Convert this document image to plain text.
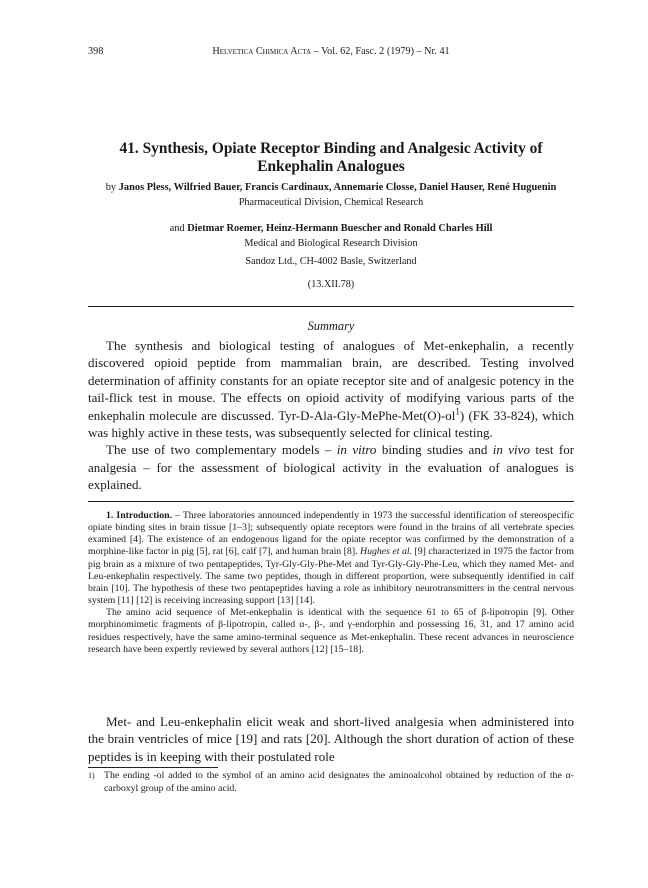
398	Helvetica Chimica Acta – Vol. 62, Fasc. 2 (1979) – Nr. 41
41. Synthesis, Opiate Receptor Binding and Analgesic Activity of
Enkephalin Analogues

by Janos Pless, Wilfried Bauer, Francis Cardinaux, Annemarie Closse, Daniel Hauser, René Huguenin

Pharmaceutical Division, Chemical Research

and Dietmar Roemer, Heinz-Hermann Buescher and Ronald Charles Hill

Medical and Biological Research Division

Sandoz Ltd., CH-4002 Basle, Switzerland

(13.XII.78)

Summary

The synthesis and biological testing of analogues of Met-enkephalin, a recently discovered opioid peptide from mammalian brain, are described. Testing involved determination of affinity constants for an opiate receptor site and of analgesic potency in the tail-flick test in mouse. The effects on opioid activity of modifying various parts of the enkephalin molecule are discussed. Tyr-$D-Ala-Gly-MePhe-Met(O)-ol^1$) (FK 33-824), which was highly active in these tests, was subsequently selected for clinical testing.

The use of two complementary models – in vitro binding studies and in vivo test for analgesia – for the assessment of biological activity in the evaluation of analogues is explained.

1. Introduction. – Three laboratories announced independently in 1973 the successful identification of stereospecific opiate binding sites in brain tissue [1–3]; subsequently opiate receptors were found in the brains of all vertebrate species examined [4]. The existence of an endogenous ligand for the opiate receptor was confirmed by the demonstration of a morphine-like factor in pig [5], rat [6], calf [7], and human brain [8]. Hughes et al. [9] characterized in 1975 the factor from pig brain as a mixture of two pentapeptides, Tyr-Gly-Gly-Phe-Met and Tyr-Gly-Gly-Phe-Leu, which they named Met- and Leu-enkephalin respectively. The same two peptides, though in different proportion, were subsequently identified in calf brain [10]. The hypothesis of these two pentapeptides having a role as inhibitory neurotransmitters in the central nervous system [11] [12] is receiving increasing support [13] [14].

The amino acid sequence of Met-enkephalin is identical with the sequence 61 to 65 of β-lipotropin [9]. Other morphinomimetic fragments of β-lipotropin, called α-, β-, and γ-endorphin and possessing 16, 31, and 17 amino acid residues respectively, have the same amino-terminal sequence as Met-enkephalin. These recent advances in neuroscience research have been expertly reviewed by several authors [12] [15–18].

Met- and Leu-enkephalin elicit weak and short-lived analgesia when administered into the brain ventricles of mice [19] and rats [20]. Although the short duration of action of these peptides is in keeping with their postulated role

1) The ending -ol added to the symbol of an amino acid designates the aminoalcohol obtained by reduction of the α-carboxyl group of the amino acid.
